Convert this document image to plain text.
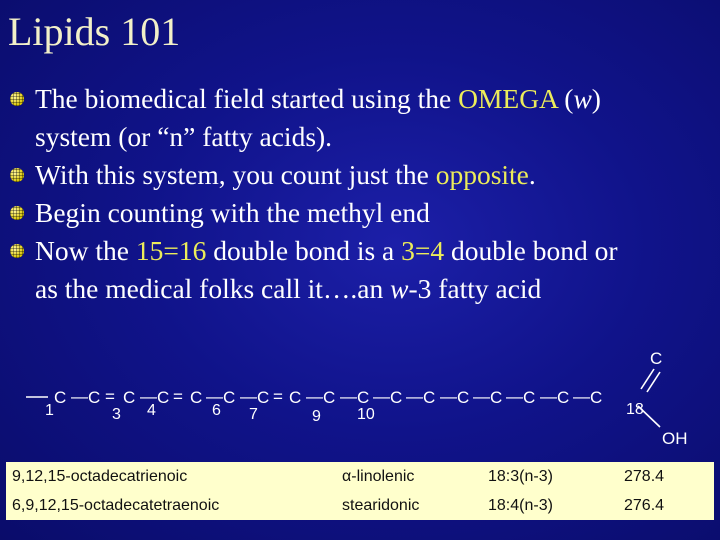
Lipids 101
The biomedical field started using the OMEGA (w)
system (or “n” fatty acids).
With this system, you count just the opposite.
Begin counting with the methyl end
Now the 15=16 double bond is a 3=4 double bond or
as the medical folks call it….an w-3 fatty acid
C
OH
C C C C C C C C C C C C C C C C C
— = — = — — = — — — — — — — — —
1	3 4	6 7	9 10	18
9,12,15-octadecatrienoic	α-linolenic	18:3(n-3)	278.4
6,9,12,15-octadecatetraenoic	stearidonic	18:4(n-3)	276.4
